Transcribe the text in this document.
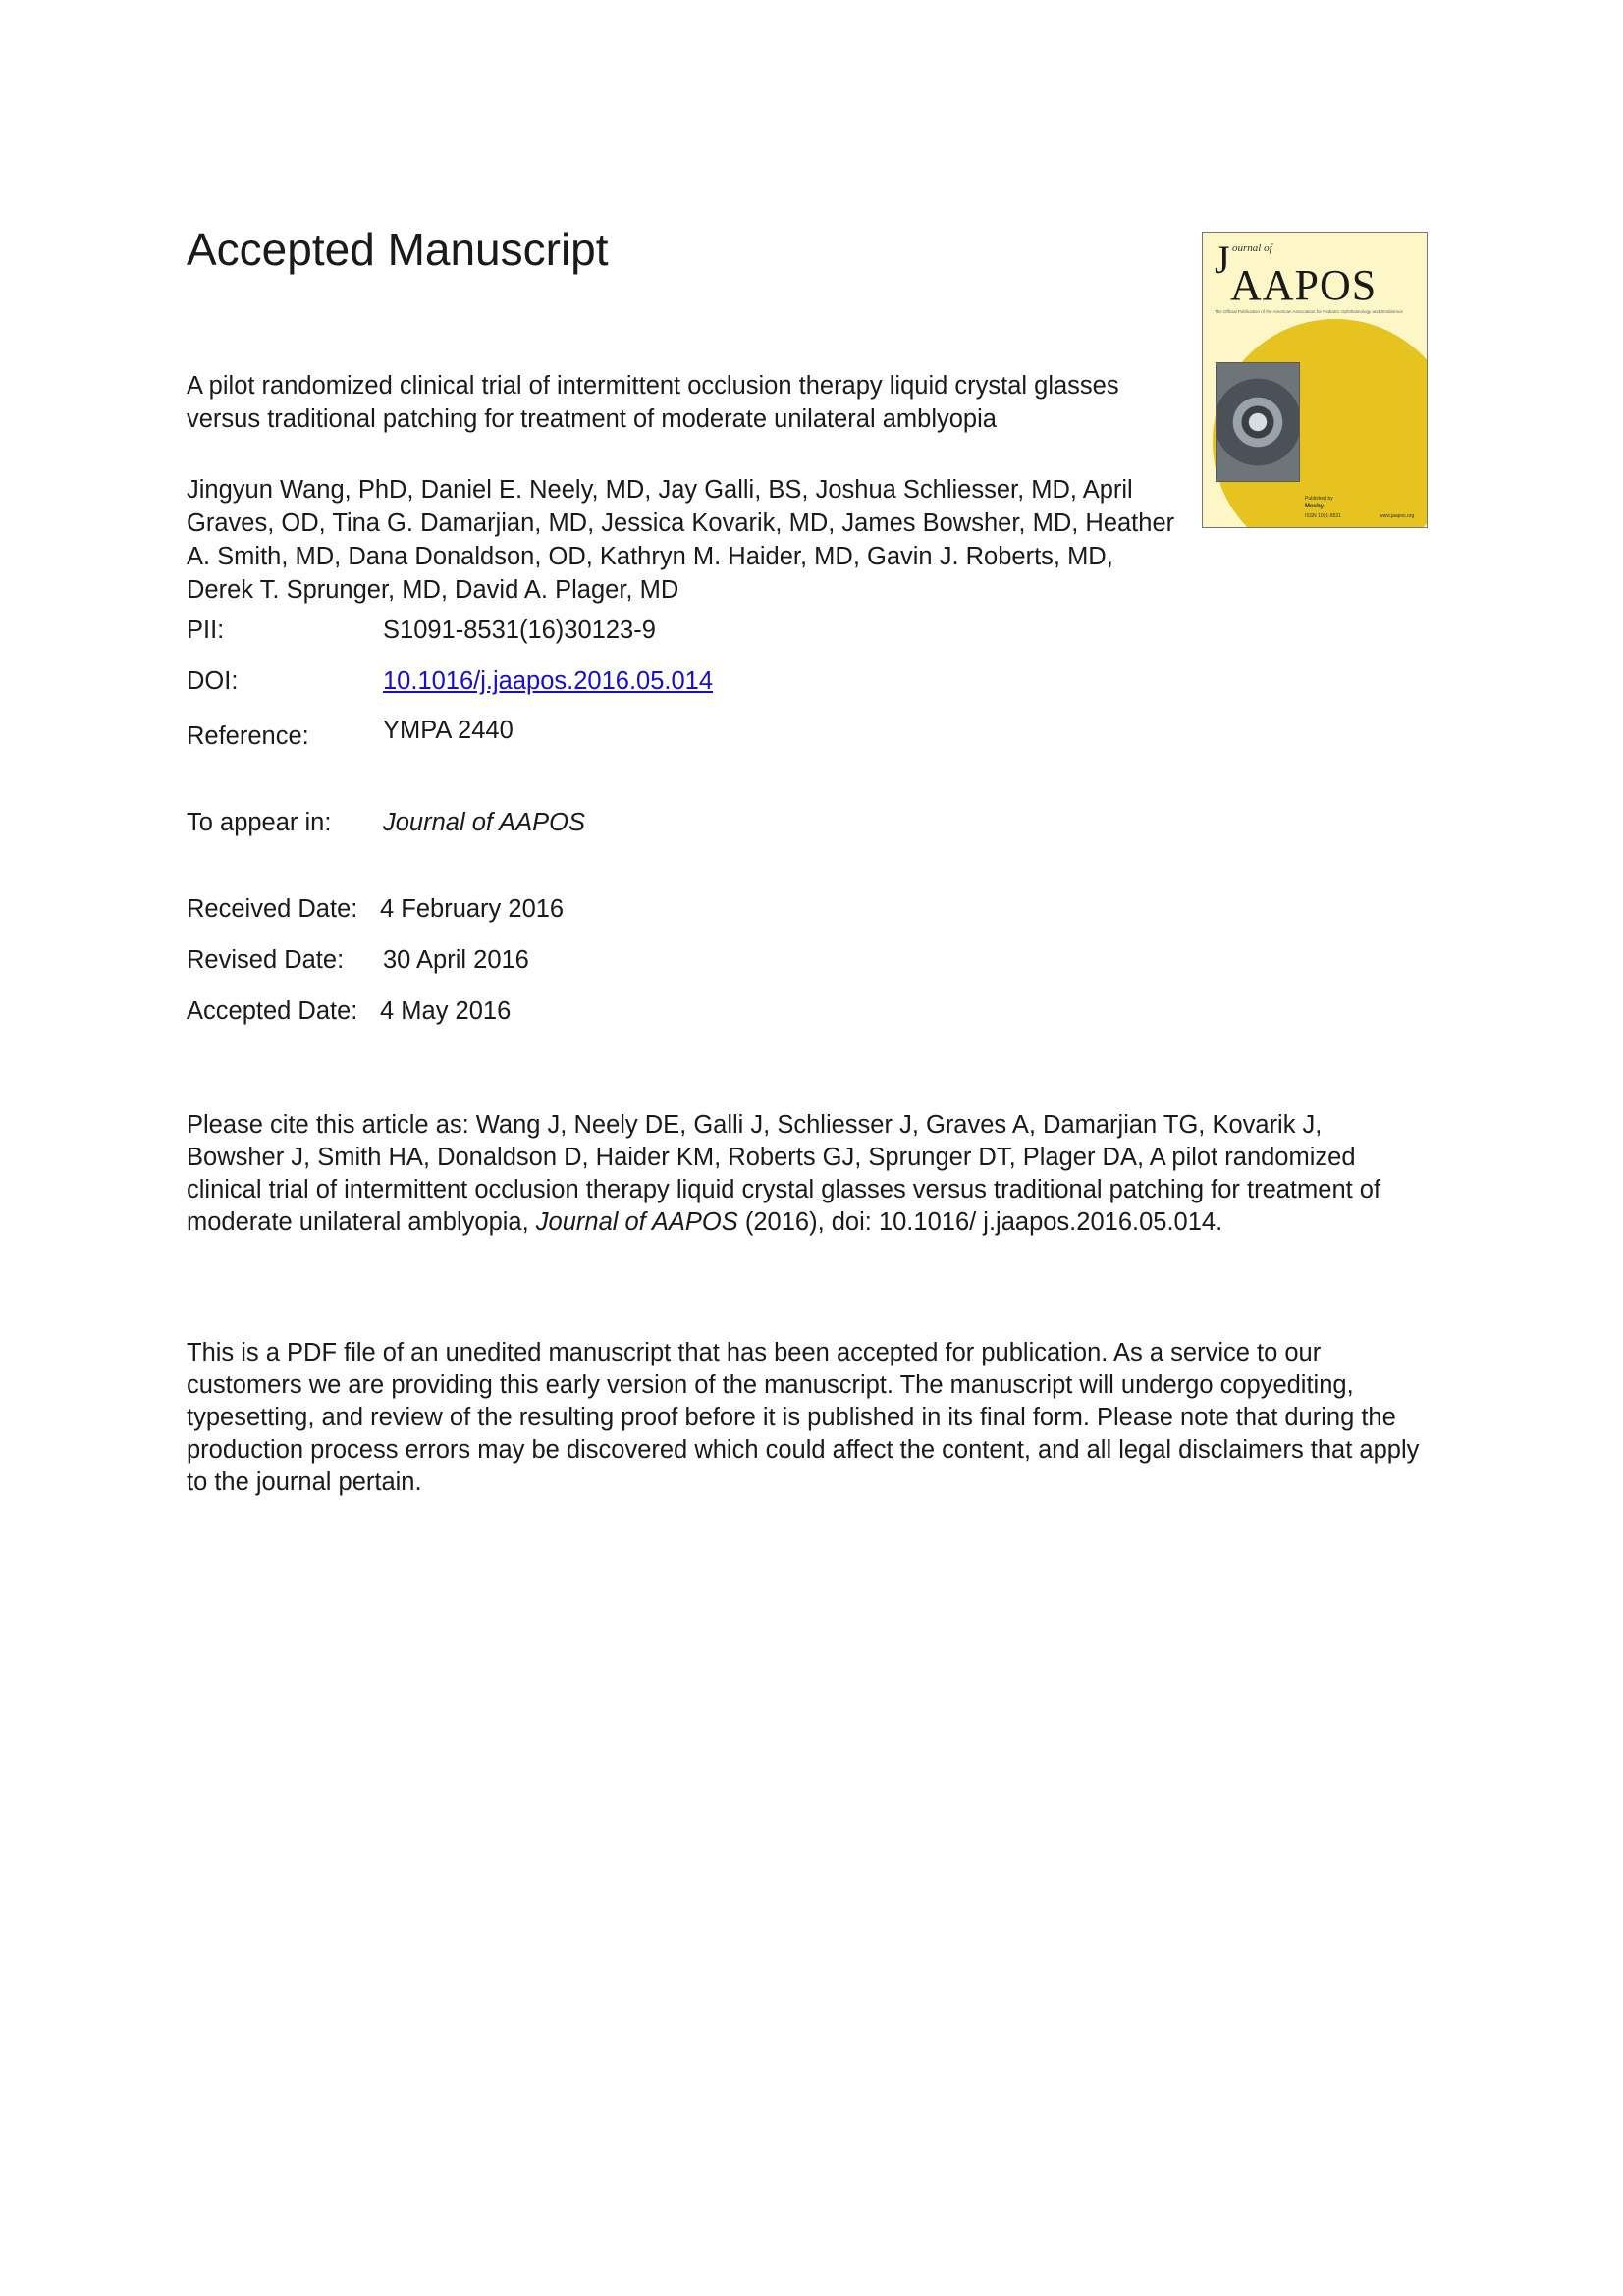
Accepted Manuscript	J ournal of
AAPOS
The Official Publication of the American Association for Pediatric Ophthalmology and Strabismus
Published by
Mosby
ISSN 1091-8531	www.jaapos.org
A pilot randomized clinical trial of intermittent occlusion therapy liquid crystal glasses versus traditional patching for treatment of moderate unilateral amblyopia
Jingyun Wang, PhD, Daniel E. Neely, MD, Jay Galli, BS, Joshua Schliesser, MD, April Graves, OD, Tina G. Damarjian, MD, Jessica Kovarik, MD, James Bowsher, MD, Heather A. Smith, MD, Dana Donaldson, OD, Kathryn M. Haider, MD, Gavin J. Roberts, MD, Derek T. Sprunger, MD, David A. Plager, MD
PII:	S1091-8531(16)30123-9
DOI:	10.1016/j.jaapos.2016.05.014
Reference:	YMPA 2440
To appear in: Journal of AAPOS
Received Date: 4 February 2016
Revised Date: 30 April 2016
Accepted Date: 4 May 2016
Please cite this article as: Wang J, Neely DE, Galli J, Schliesser J, Graves A, Damarjian TG, Kovarik J, Bowsher J, Smith HA, Donaldson D, Haider KM, Roberts GJ, Sprunger DT, Plager DA, A pilot randomized clinical trial of intermittent occlusion therapy liquid crystal glasses versus traditional patching for treatment of moderate unilateral amblyopia, Journal of AAPOS (2016), doi: 10.1016/ j.jaapos.2016.05.014.
This is a PDF file of an unedited manuscript that has been accepted for publication. As a service to our customers we are providing this early version of the manuscript. The manuscript will undergo copyediting, typesetting, and review of the resulting proof before it is published in its final form. Please note that during the production process errors may be discovered which could affect the content, and all legal disclaimers that apply to the journal pertain.
